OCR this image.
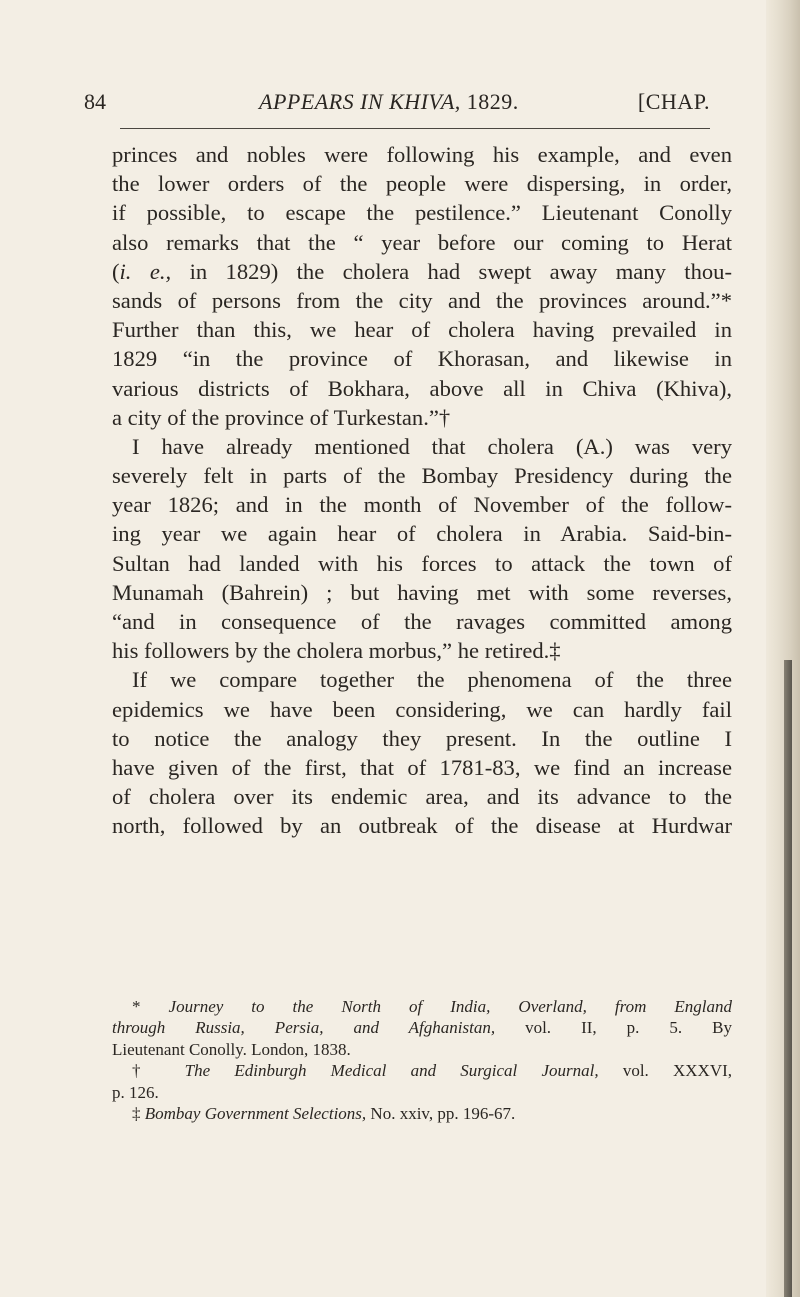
84	APPEARS IN KHIVA, 1829.	[CHAP.
princes and nobles were following his example, and even
the lower orders of the people were dispersing, in order,
if possible, to escape the pestilence.” Lieutenant Conolly
also remarks that the “ year before our coming to Herat
(i. e., in 1829) the cholera had swept away many thou-
sands of persons from the city and the provinces around.”*
Further than this, we hear of cholera having prevailed in
1829 “in the province of Khorasan, and likewise in
various districts of Bokhara, above all in Chiva (Khiva),
a city of the province of Turkestan.”†
I have already mentioned that cholera (A.) was very
severely felt in parts of the Bombay Presidency during the
year 1826; and in the month of November of the follow-
ing year we again hear of cholera in Arabia. Said-bin-
Sultan had landed with his forces to attack the town of
Munamah (Bahrein) ; but having met with some reverses,
“and in consequence of the ravages committed among
his followers by the cholera morbus,” he retired.‡
If we compare together the phenomena of the three
epidemics we have been considering, we can hardly fail
to notice the analogy they present. In the outline I
have given of the first, that of 1781-83, we find an increase
of cholera over its endemic area, and its advance to the
north, followed by an outbreak of the disease at Hurdwar
* Journey to the North of India, Overland, from England
through Russia, Persia, and Afghanistan, vol. II, p. 5. By
Lieutenant Conolly. London, 1838.
† The Edinburgh Medical and Surgical Journal, vol. XXXVI,
p. 126.
‡ Bombay Government Selections, No. xxiv, pp. 196-67.
